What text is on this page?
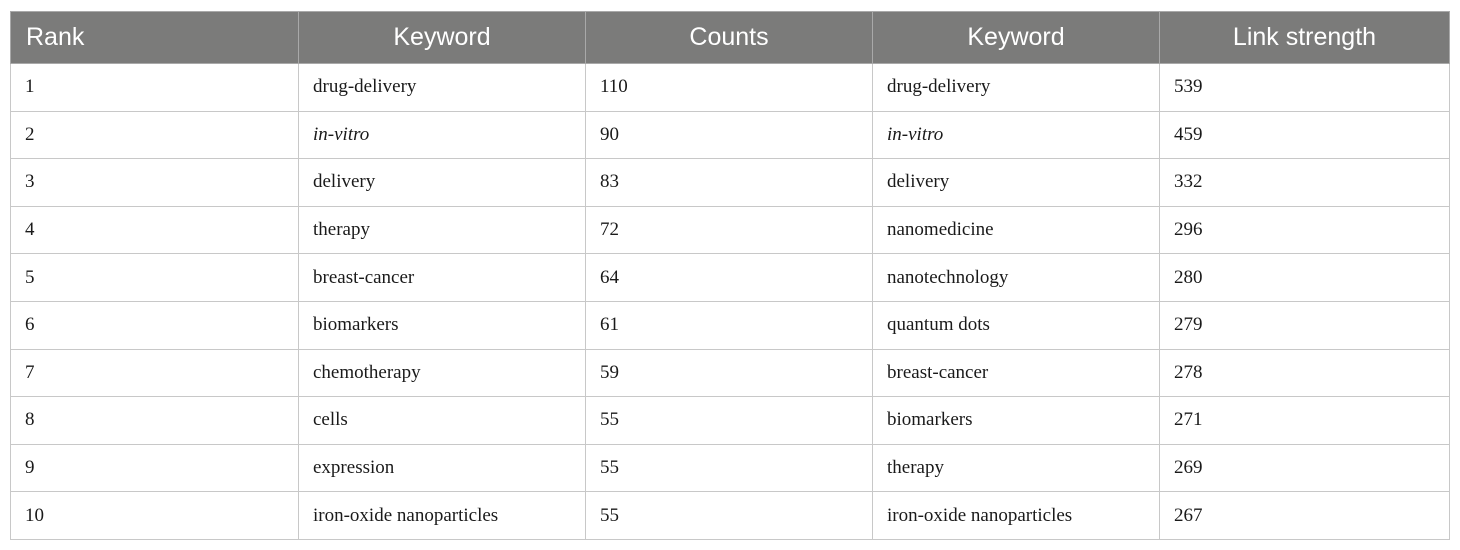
Rank	Keyword	Counts	Keyword	Link strength
1	drug-delivery	110	drug-delivery	539
2	in-vitro	90	in-vitro	459
3	delivery	83	delivery	332
4	therapy	72	nanomedicine	296
5	breast-cancer	64	nanotechnology	280
6	biomarkers	61	quantum dots	279
7	chemotherapy	59	breast-cancer	278
8	cells	55	biomarkers	271
9	expression	55	therapy	269
10	iron-oxide nanoparticles	55	iron-oxide nanoparticles	267
